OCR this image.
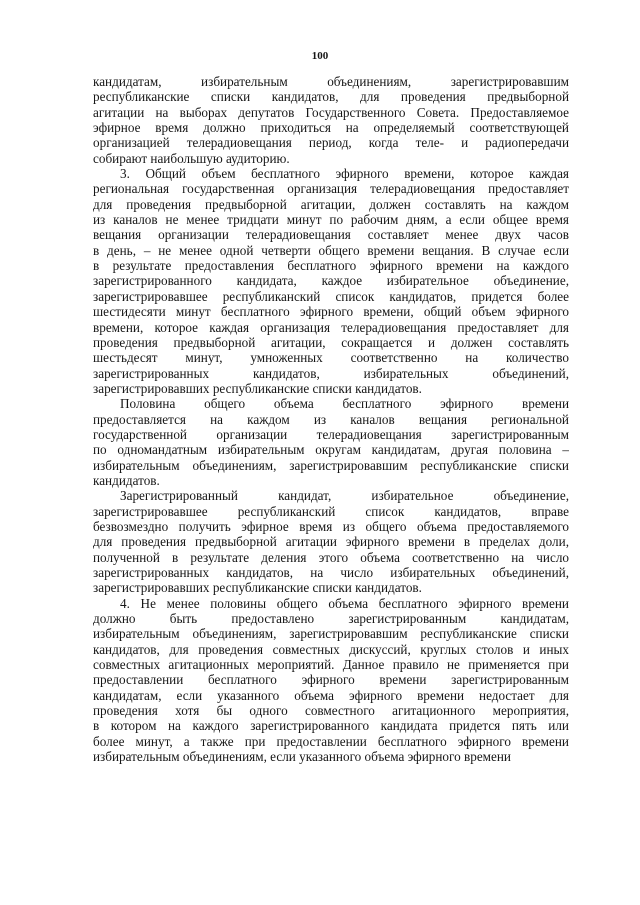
100
кандидатам, избирательным объединениям, зарегистрировавшим
республиканские списки кандидатов, для проведения предвыборной
агитации на выборах депутатов Государственного Совета. Предоставляемое
эфирное время должно приходиться на определяемый соответствующей
организацией телерадиовещания период, когда теле- и радиопередачи
собирают наибольшую аудиторию.
3. Общий объем бесплатного эфирного времени, которое каждая
региональная государственная организация телерадиовещания предоставляет
для проведения предвыборной агитации, должен составлять на каждом
из каналов не менее тридцати минут по рабочим дням, а если общее время
вещания организации телерадиовещания составляет менее двух часов
в день, – не менее одной четверти общего времени вещания. В случае если
в результате предоставления бесплатного эфирного времени на каждого
зарегистрированного кандидата, каждое избирательное объединение,
зарегистрировавшее республиканский список кандидатов, придется более
шестидесяти минут бесплатного эфирного времени, общий объем эфирного
времени, которое каждая организация телерадиовещания предоставляет для
проведения предвыборной агитации, сокращается и должен составлять
шестьдесят минут, умноженных соответственно на количество
зарегистрированных кандидатов, избирательных объединений,
зарегистрировавших республиканские списки кандидатов.
Половина общего объема бесплатного эфирного времени
предоставляется на каждом из каналов вещания региональной
государственной организации телерадиовещания зарегистрированным
по одномандатным избирательным округам кандидатам, другая половина –
избирательным объединениям, зарегистрировавшим республиканские списки
кандидатов.
Зарегистрированный кандидат, избирательное объединение,
зарегистрировавшее республиканский список кандидатов, вправе
безвозмездно получить эфирное время из общего объема предоставляемого
для проведения предвыборной агитации эфирного времени в пределах доли,
полученной в результате деления этого объема соответственно на число
зарегистрированных кандидатов, на число избирательных объединений,
зарегистрировавших республиканские списки кандидатов.
4. Не менее половины общего объема бесплатного эфирного времени
должно быть предоставлено зарегистрированным кандидатам,
избирательным объединениям, зарегистрировавшим республиканские списки
кандидатов, для проведения совместных дискуссий, круглых столов и иных
совместных агитационных мероприятий. Данное правило не применяется при
предоставлении бесплатного эфирного времени зарегистрированным
кандидатам, если указанного объема эфирного времени недостает для
проведения хотя бы одного совместного агитационного мероприятия,
в котором на каждого зарегистрированного кандидата придется пять или
более минут, а также при предоставлении бесплатного эфирного времени
избирательным объединениям, если указанного объема эфирного времени
